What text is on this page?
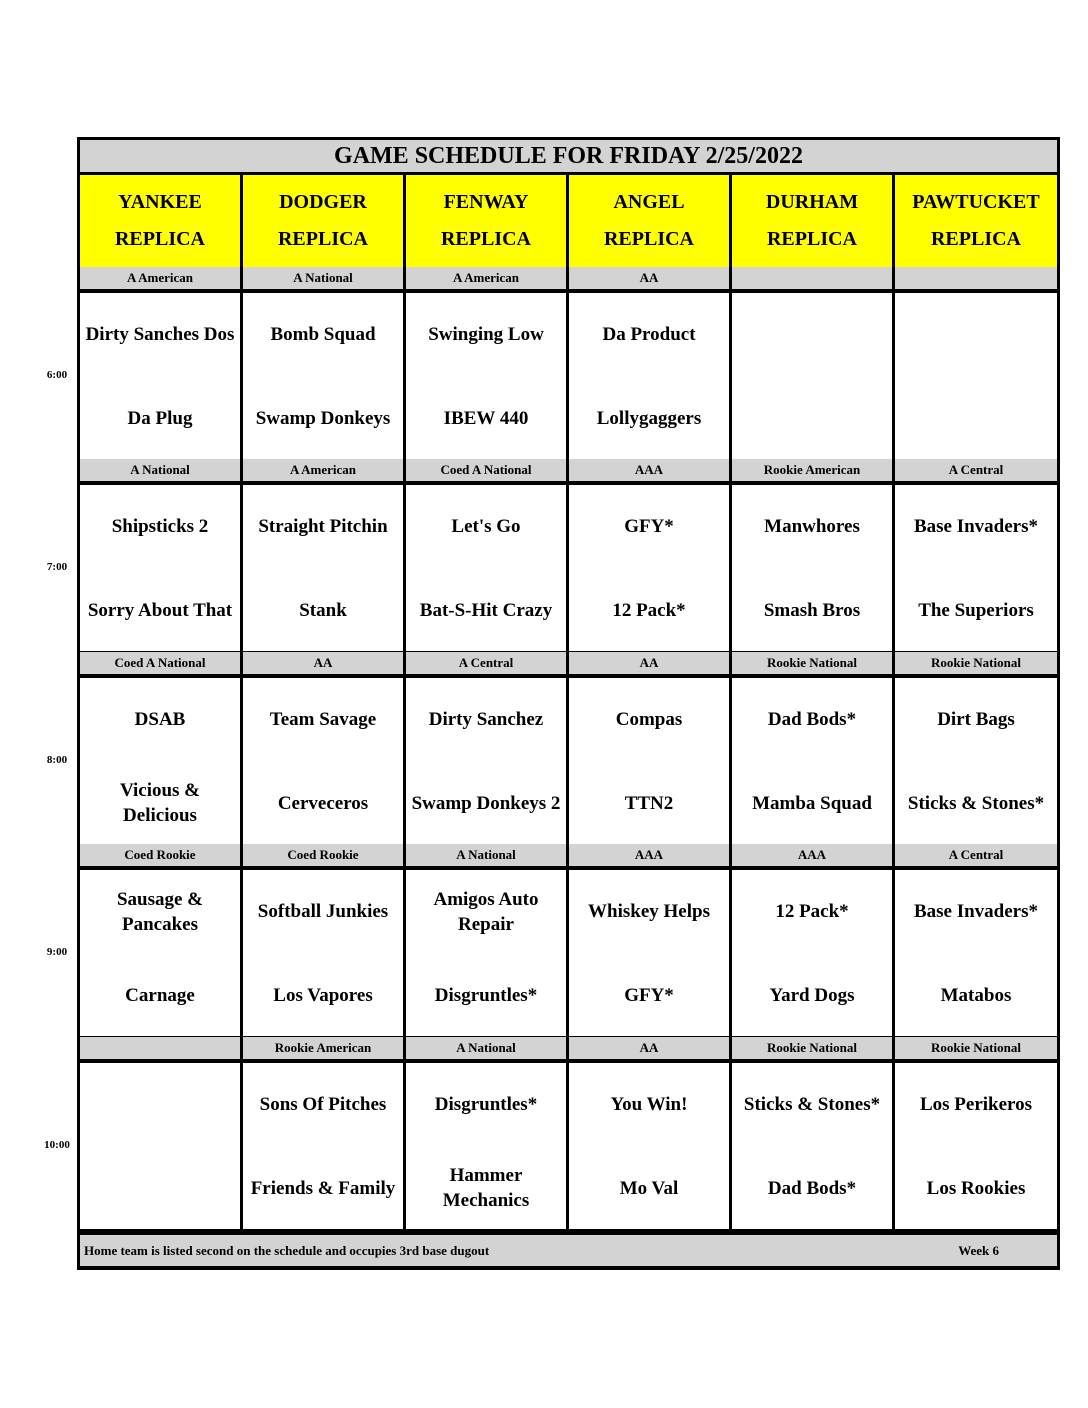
GAME SCHEDULE FOR FRIDAY 2/25/2022
YANKEE
REPLICA
DODGER
REPLICA
FENWAY
REPLICA
ANGEL
REPLICA
DURHAM
REPLICA
PAWTUCKET
REPLICA
A American
Dirty Sanches Dos
Da Plug
A National
Bomb Squad
Swamp Donkeys
A American
Swinging Low
IBEW 440
AA
Da Product
Lollygaggers
A National
Shipsticks 2
Sorry About That
A American
Straight Pitchin
Stank
Coed A National
Let's Go
Bat-S-Hit Crazy
AAA
GFY*
12 Pack*
Rookie American
Manwhores
Smash Bros
A Central
Base Invaders*
The Superiors
Coed A National
DSAB
Vicious &
Delicious
AA
Team Savage
Cerveceros
A Central
Dirty Sanchez
Swamp Donkeys 2
AA
Compas
TTN2
Rookie National
Dad Bods*
Mamba Squad
Rookie National
Dirt Bags
Sticks & Stones*
Coed Rookie
Sausage &
Pancakes
Carnage
Coed Rookie
Softball Junkies
Los Vapores
A National
Amigos Auto
Repair
Disgruntles*
AAA
Whiskey Helps
GFY*
AAA
12 Pack*
Yard Dogs
A Central
Base Invaders*
Matabos
Rookie American
Sons Of Pitches
Friends & Family
A National
Disgruntles*
Hammer
Mechanics
AA
You Win!
Mo Val
Rookie National
Sticks & Stones*
Dad Bods*
Rookie National
Los Perikeros
Los Rookies
Home team is listed second on the schedule and occupies 3rd base dugout	Week 6
6:00
7:00
8:00
9:00
10:00
